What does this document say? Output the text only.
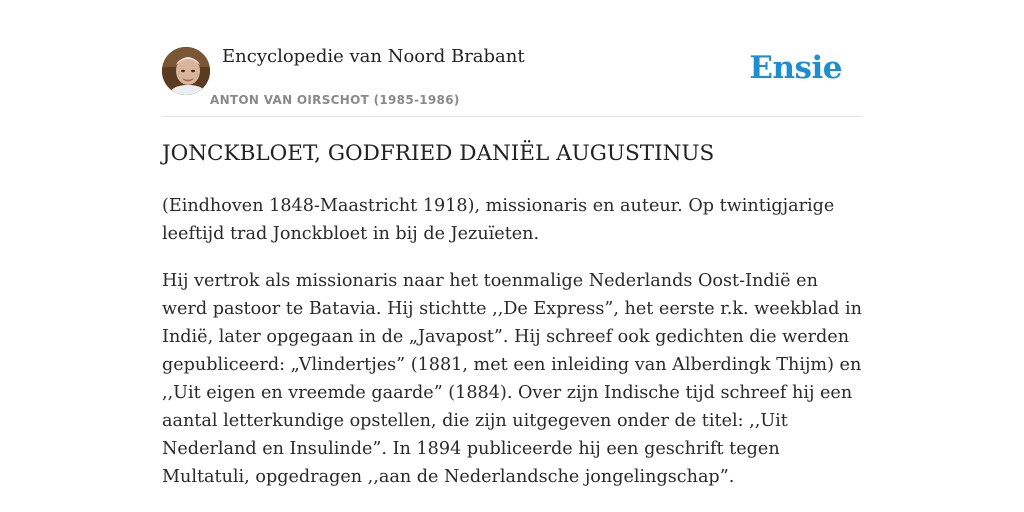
Encyclopedie van Noord Brabant
ANTON VAN OIRSCHOT (1985-1986)
Ensie
JONCKBLOET, GODFRIED DANIËL AUGUSTINUS

(Eindhoven 1848-Maastricht 1918), missionaris en auteur. Op twintigjarige leeftijd trad Jonckbloet in bij de Jezuïeten.

Hij vertrok als missionaris naar het toenmalige Nederlands Oost-Indië en werd pastoor te Batavia. Hij stichtte ,,De Express”, het eerste r.k. weekblad in Indië, later opgegaan in de „Javapost”. Hij schreef ook gedichten die werden gepubliceerd: „Vlindertjes” (1881, met een inleiding van Alberdingk Thijm) en ,,Uit eigen en vreemde gaarde” (1884). Over zijn Indische tijd schreef hij een aantal letterkundige opstellen, die zijn uitgegeven onder de titel: ,,Uit Nederland en Insulinde”. In 1894 publiceerde hij een geschrift tegen Multatuli, opgedragen ,,aan de Nederlandsche jongelingschap”.
